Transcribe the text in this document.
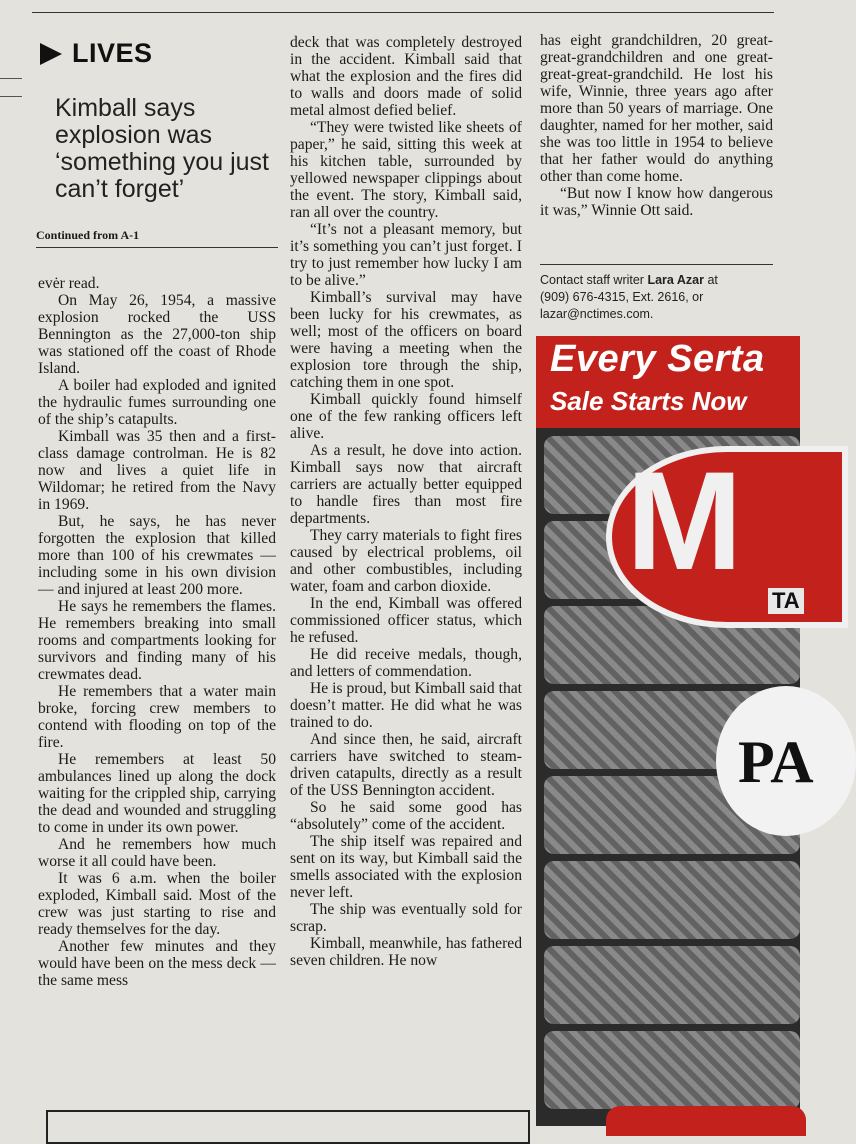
LIVES
Kimball says explosion was ‘something you just can’t forget’
Continued from A-1

evėr read.

On May 26, 1954, a massive explosion rocked the USS Bennington as the 27,000-ton ship was stationed off the coast of Rhode Island.

A boiler had exploded and ignited the hydraulic fumes surrounding one of the ship’s catapults.

Kimball was 35 then and a first-class damage controlman. He is 82 now and lives a quiet life in Wildomar; he retired from the Navy in 1969.

But, he says, he has never forgotten the explosion that killed more than 100 of his crewmates — including some in his own division — and injured at least 200 more.

He says he remembers the flames. He remembers breaking into small rooms and compartments looking for survivors and finding many of his crewmates dead.

He remembers that a water main broke, forcing crew members to contend with flooding on top of the fire.

He remembers at least 50 ambulances lined up along the dock waiting for the crippled ship, carrying the dead and wounded and struggling to come in under its own power.

And he remembers how much worse it all could have been.

It was 6 a.m. when the boiler exploded, Kimball said. Most of the crew was just starting to rise and ready themselves for the day.

Another few minutes and they would have been on the mess deck — the same mess

deck that was completely destroyed in the accident. Kimball said that what the explosion and the fires did to walls and doors made of solid metal almost defied belief.

“They were twisted like sheets of paper,” he said, sitting this week at his kitchen table, surrounded by yellowed newspaper clippings about the event. The story, Kimball said, ran all over the country.

“It’s not a pleasant memory, but it’s something you can’t just forget. I try to just remember how lucky I am to be alive.”

Kimball’s survival may have been lucky for his crewmates, as well; most of the officers on board were having a meeting when the explosion tore through the ship, catching them in one spot.

Kimball quickly found himself one of the few ranking officers left alive.

As a result, he dove into action. Kimball says now that aircraft carriers are actually better equipped to handle fires than most fire departments.

They carry materials to fight fires caused by electrical problems, oil and other combustibles, including water, foam and carbon dioxide.

In the end, Kimball was offered commissioned officer status, which he refused.

He did receive medals, though, and letters of commendation.

He is proud, but Kimball said that doesn’t matter. He did what he was trained to do.

And since then, he said, aircraft carriers have switched to steam-driven catapults, directly as a result of the USS Bennington accident.

So he said some good has “absolutely” come of the accident.

The ship itself was repaired and sent on its way, but Kimball said the smells associated with the explosion never left.

The ship was eventually sold for scrap.

Kimball, meanwhile, has fathered seven children. He now

has eight grandchildren, 20 great-great-grandchildren and one great-great-great-grandchild. He lost his wife, Winnie, three years ago after more than 50 years of marriage. One daughter, named for her mother, said she was too little in 1954 to believe that her father would do anything other than come home.

“But now I know how dangerous it was,” Winnie Ott said.

Contact staff writer Lara Azar at
(909) 676-4315, Ext. 2616, or
lazar@nctimes.com.
Every Serta
Sale Starts Now
M
TA
PA
